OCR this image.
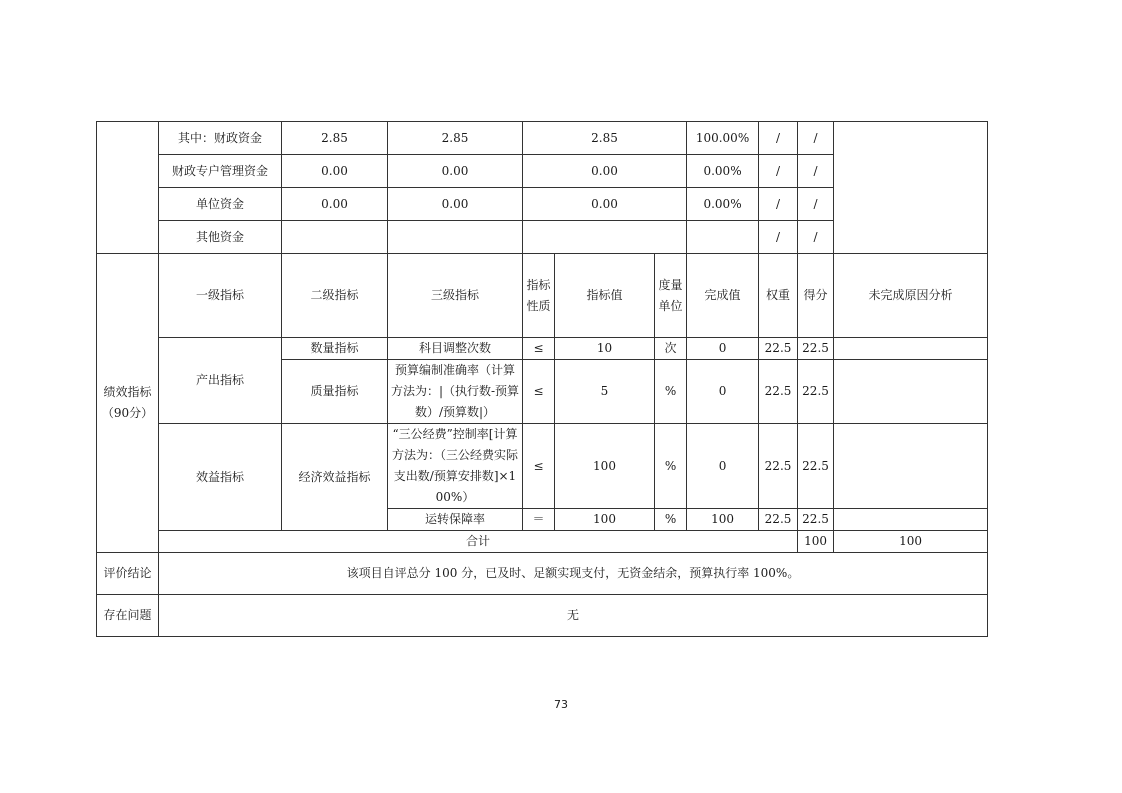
	其中：财政资金	2.85	2.85	2.85			100.00%	/	/		
	财政专户管理资金	0.00	0.00	0.00			0.00%	/	/		
	单位资金	0.00	0.00	0.00			0.00%	/	/		
	其他资金							/	/		
绩效指标（90分）	一级指标	二级指标	三级指标	指标性质	指标值	度量单位	完成值	权重	得分	未完成原因分析	
	产出指标	数量指标	科目调整次数	≤	10	次	0	22.5	22.5		
		质量指标	预算编制准确率（计算方法为：|（执行数-预算数）/预算数|）	≤	5	%	0	22.5	22.5		
	效益指标	经济效益指标	“三公经费”控制率[计算方法为：（三公经费实际支出数/预算安排数]×100%）	≤	100	%	0	22.5	22.5		
			运转保障率	＝	100	%	100	22.5	22.5		
	合计								100	100	
评价结论	该项目自评总分 100 分，已及时、足额实现支付，无资金结余，预算执行率 100%。										
存在问题	无										
73
